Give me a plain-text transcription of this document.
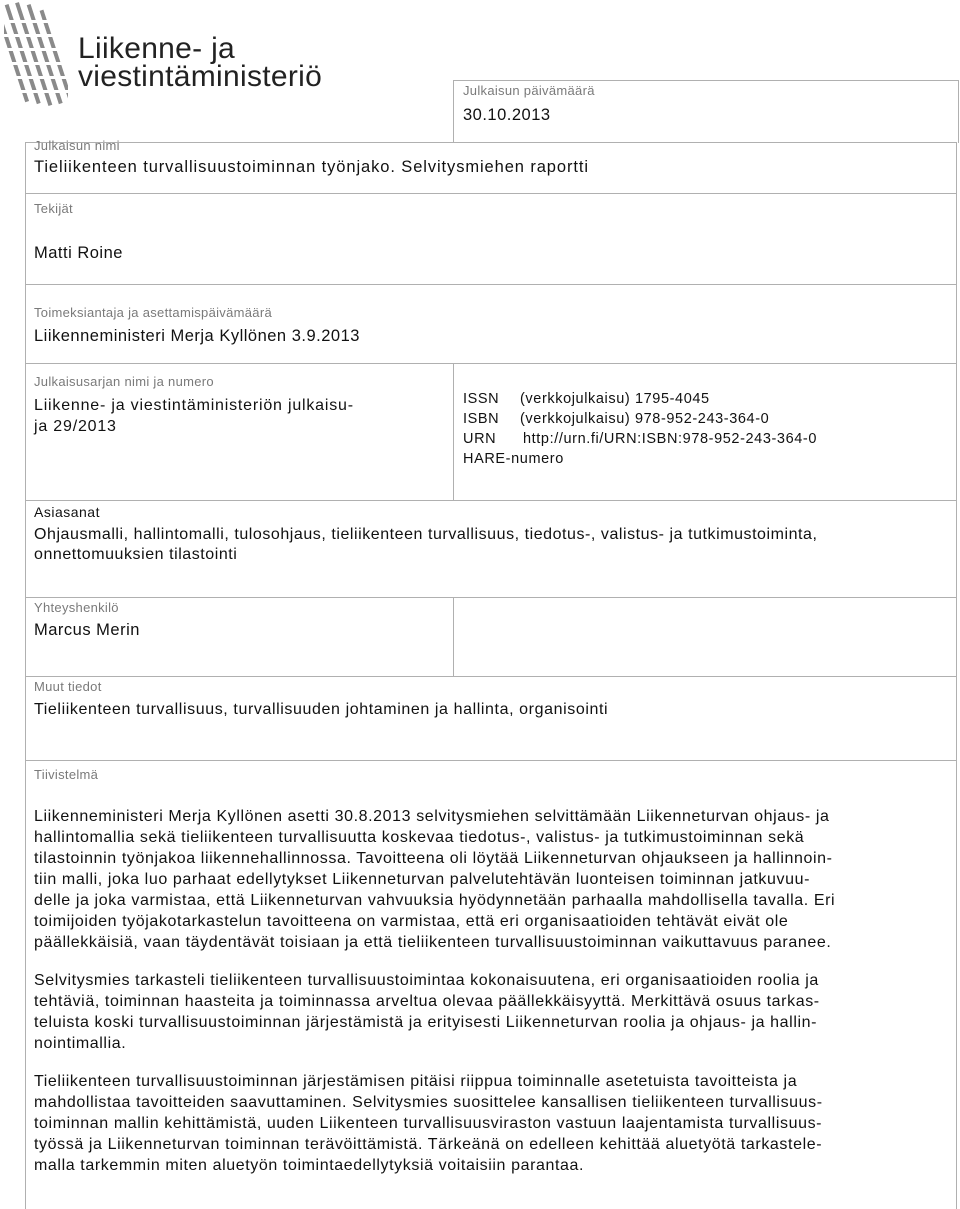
Liikenne- ja
viestintäministeriö	Julkaisun päivämäärä
30.10.2013
Julkaisun nimi
Tieliikenteen turvallisuustoiminnan työnjako. Selvitysmiehen raportti
Tekijät
Matti Roine
Toimeksiantaja ja asettamispäivämäärä
Liikenneministeri Merja Kyllönen 3.9.2013
Julkaisusarjan nimi ja numero
Liikenne- ja viestintäministeriön julkaisu-
ja 29/2013
ISSN (verkkojulkaisu) 1795-4045
ISBN (verkkojulkaisu) 978-952-243-364-0
URN http://urn.fi/URN:ISBN:978-952-243-364-0
HARE-numero
Asiasanat
Ohjausmalli, hallintomalli, tulosohjaus, tieliikenteen turvallisuus, tiedotus-, valistus- ja tutkimustoiminta,
onnettomuuksien tilastointi
Yhteyshenkilö
Marcus Merin
Muut tiedot
Tieliikenteen turvallisuus, turvallisuuden johtaminen ja hallinta, organisointi
Tiivistelmä
Liikenneministeri Merja Kyllönen asetti 30.8.2013 selvitysmiehen selvittämään Liikenneturvan ohjaus- ja
hallintomallia sekä tieliikenteen turvallisuutta koskevaa tiedotus-, valistus- ja tutkimustoiminnan sekä
tilastoinnin työnjakoa liikennehallinnossa. Tavoitteena oli löytää Liikenneturvan ohjaukseen ja hallinnoin-
tiin malli, joka luo parhaat edellytykset Liikenneturvan palvelutehtävän luonteisen toiminnan jatkuvuu-
delle ja joka varmistaa, että Liikenneturvan vahvuuksia hyödynnetään parhaalla mahdollisella tavalla. Eri
toimijoiden työjakotarkastelun tavoitteena on varmistaa, että eri organisaatioiden tehtävät eivät ole
päällekkäisiä, vaan täydentävät toisiaan ja että tieliikenteen turvallisuustoiminnan vaikuttavuus paranee.
Selvitysmies tarkasteli tieliikenteen turvallisuustoimintaa kokonaisuutena, eri organisaatioiden roolia ja
tehtäviä, toiminnan haasteita ja toiminnassa arveltua olevaa päällekkäisyyttä. Merkittävä osuus tarkas-
teluista koski turvallisuustoiminnan järjestämistä ja erityisesti Liikenneturvan roolia ja ohjaus- ja hallin-
nointimallia.
Tieliikenteen turvallisuustoiminnan järjestämisen pitäisi riippua toiminnalle asetetuista tavoitteista ja
mahdollistaa tavoitteiden saavuttaminen. Selvitysmies suosittelee kansallisen tieliikenteen turvallisuus-
toiminnan mallin kehittämistä, uuden Liikenteen turvallisuusviraston vastuun laajentamista turvallisuus-
työssä ja Liikenneturvan toiminnan terävöittämistä. Tärkeänä on edelleen kehittää aluetyötä tarkastele-
malla tarkemmin miten aluetyön toimintaedellytyksiä voitaisiin parantaa.
